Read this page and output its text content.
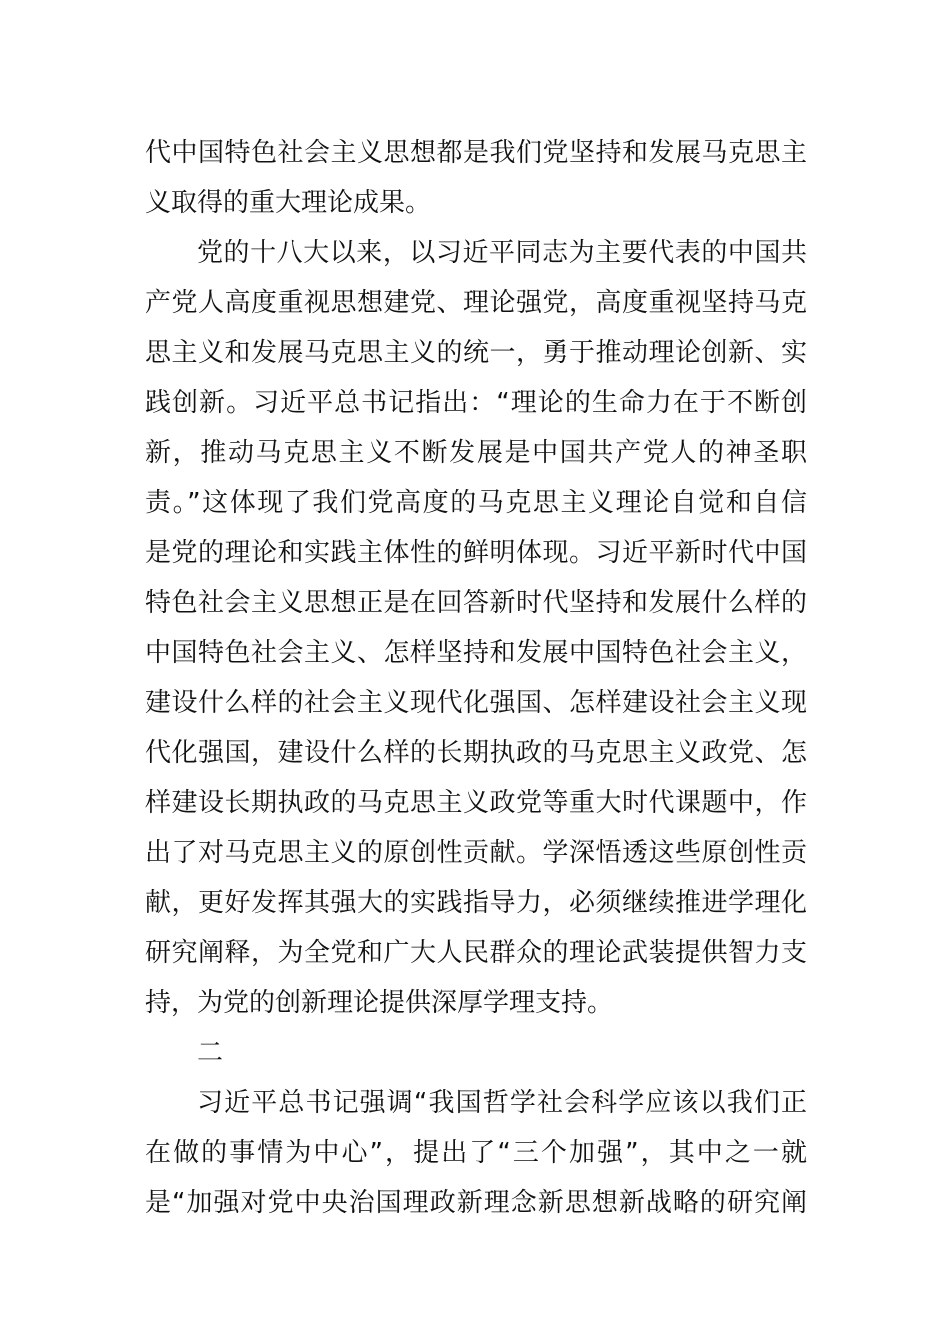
代中国特色社会主义思想都是我们党坚持和发展马克思主
义取得的重大理论成果。
党的十八大以来，以习近平同志为主要代表的中国共
产党人高度重视思想建党、理论强党，高度重视坚持马克
思主义和发展马克思主义的统一，勇于推动理论创新、实
践创新。习近平总书记指出：“理论的生命力在于不断创
新，推动马克思主义不断发展是中国共产党人的神圣职
责。”这体现了我们党高度的马克思主义理论自觉和自信
是党的理论和实践主体性的鲜明体现。习近平新时代中国
特色社会主义思想正是在回答新时代坚持和发展什么样的
中国特色社会主义、怎样坚持和发展中国特色社会主义，
建设什么样的社会主义现代化强国、怎样建设社会主义现
代化强国，建设什么样的长期执政的马克思主义政党、怎
样建设长期执政的马克思主义政党等重大时代课题中，作
出了对马克思主义的原创性贡献。学深悟透这些原创性贡
献，更好发挥其强大的实践指导力，必须继续推进学理化
研究阐释，为全党和广大人民群众的理论武装提供智力支
持，为党的创新理论提供深厚学理支持。
二
习近平总书记强调“我国哲学社会科学应该以我们正
在做的事情为中心”，提出了“三个加强”，其中之一就
是“加强对党中央治国理政新理念新思想新战略的研究阐
